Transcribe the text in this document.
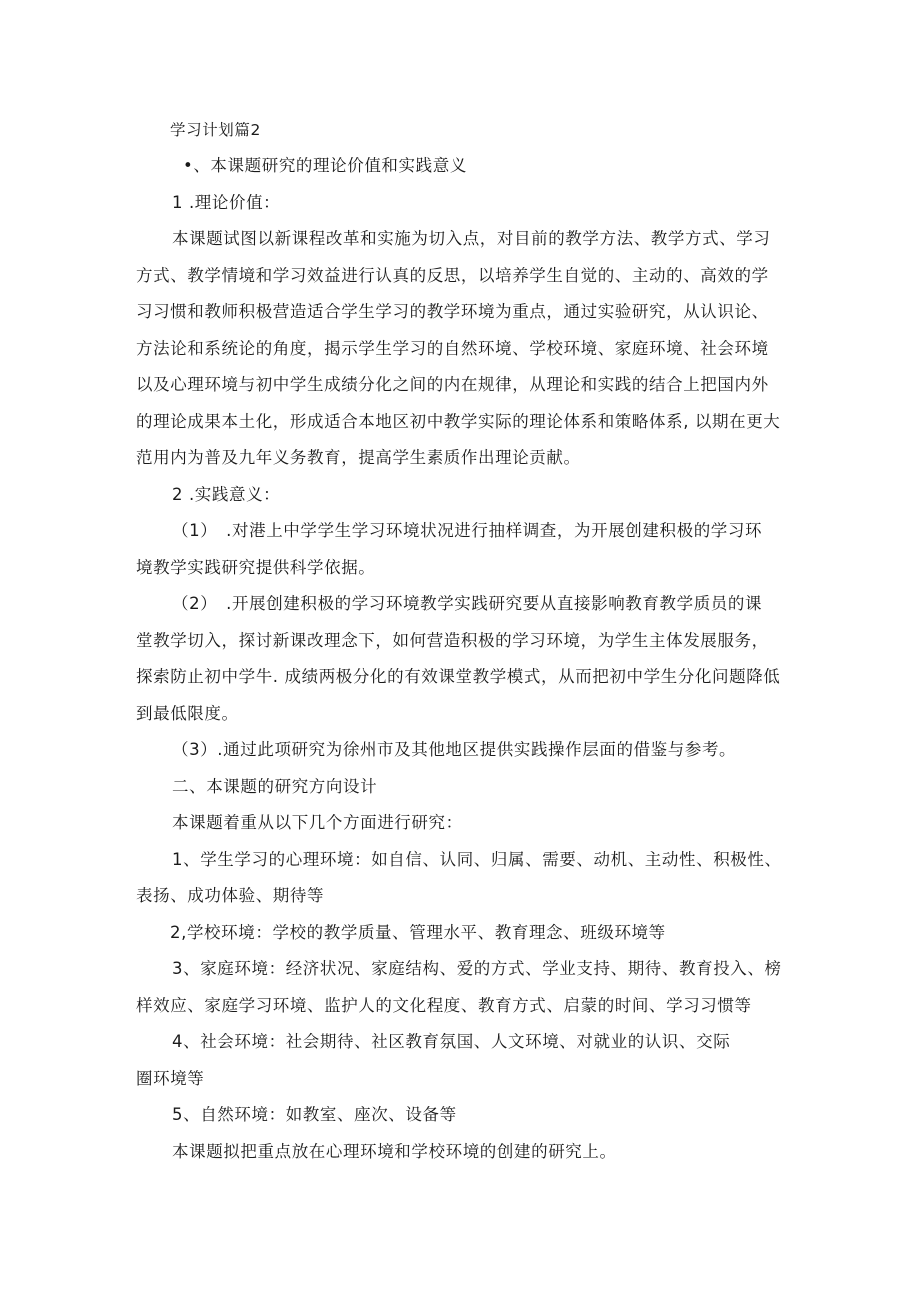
学习计划篇2
•、本课题研究的理论价值和实践意义
1 .理论价值：
本课题试图以新课程改革和实施为切入点，对目前的教学方法、教学方式、学习
方式、教学情境和学习效益进行认真的反思，以培养学生自觉的、主动的、高效的学
习习惯和教师积极营造适合学生学习的教学环境为重点，通过实验研究，从认识论、
方法论和系统论的角度，揭示学生学习的自然环境、学校环境、家庭环境、社会环境
以及心理环境与初中学生成绩分化之间的内在规律，从理论和实践的结合上把国内外
的理论成果本土化，形成适合本地区初中教学实际的理论体系和策略体系, 以期在更大
范用内为普及九年义务教育，提高学生素质作出理论贡献。
2 .实践意义：
（1）　.对港上中学学生学习环境状况进行抽样调查，为开展创建积极的学习环
境教学实践研究提供科学依据。
（2）　.开展创建积极的学习环境教学实践研究要从直接影响教育教学质员的课
堂教学切入，探讨新课改理念下，如何营造积极的学习环境，为学生主体发展服务，
探索防止初中学牛. 成绩两极分化的有效课堂教学模式，从而把初中学生分化问题降低
到最低限度。
（3）.通过此项研究为徐州市及其他地区提供实践操作层面的借鉴与参考。
二、本课题的研究方向设计
本课题着重从以下几个方面进行研究：
1、学生学习的心理环境：如自信、认同、归属、需要、动机、主动性、积极性、
表扬、成功体验、期待等
2,学校环境：学校的教学质量、管理水平、教育理念、班级环境等
3、家庭环境：经济状况、家庭结构、爱的方式、学业支持、期待、教育投入、榜
样效应、家庭学习环境、监护人的文化程度、教育方式、启蒙的时间、学习习惯等
4、社会环境：社会期待、社区教育氛国、人文环境、对就业的认识、交际
圈环境等
5、自然环境：如教室、座次、设备等
本课题拟把重点放在心理环境和学校环境的创建的研究上。
